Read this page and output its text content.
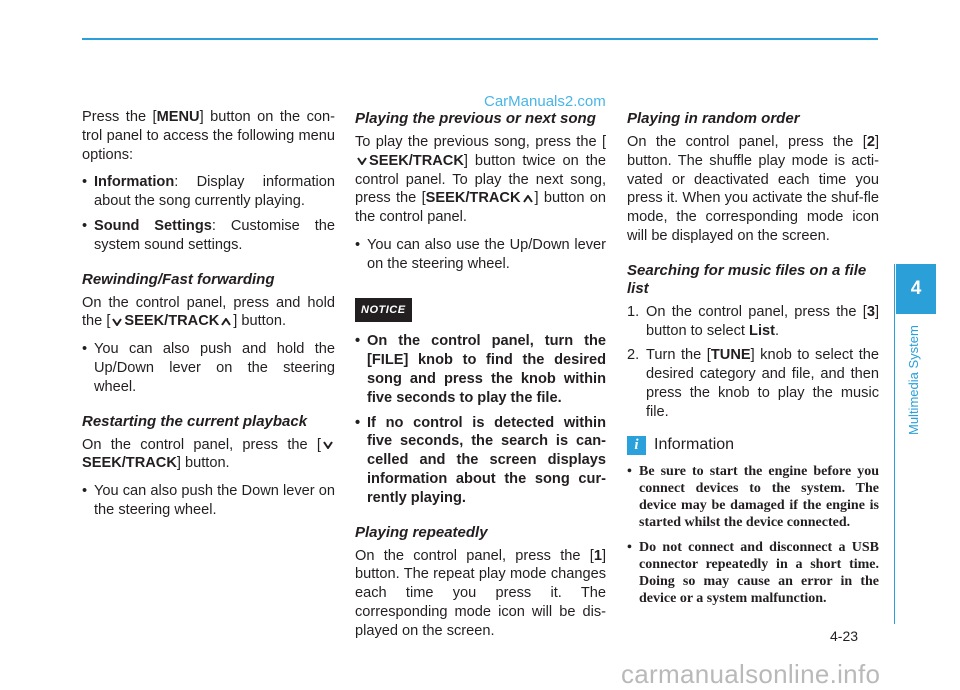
CarManuals2.com

Press the [MENU] button on the con-trol panel to access the following menu options:

• Information: Display information about the song currently playing.
• Sound Settings: Customise the system sound settings.
Rewinding/Fast forwarding

On the control panel, press and hold the [ SEEK/TRACK ] button.

• You can also push and hold the Up/Down lever on the steering wheel.
Restarting the current playback

On the control panel, press the [SEEK/TRACK] button.

• You can also push the Down lever on the steering wheel.
Playing the previous or next song

To play the previous song, press the [SEEK/TRACK] button twice on the control panel. To play the next song, press the [SEEK/TRACK ] button on the control panel.

• You can also use the Up/Down lever on the steering wheel.
NOTICE
• On the control panel, turn the [FILE] knob to find the desired song and press the knob within five seconds to play the file.
• If no control is detected within five seconds, the search is can-celled and the screen displays information about the song cur-rently playing.
Playing repeatedly

On the control panel, press the [1] button. The repeat play mode changes each time you press it. The corresponding mode icon will be dis-played on the screen.

Playing in random order

On the control panel, press the [2] button. The shuffle play mode is acti-vated or deactivated each time you press it. When you activate the shuf-fle mode, the corresponding mode icon will be displayed on the screen.

Searching for music files on a file list
1. On the control panel, press the [3] button to select List.
2. Turn the [TUNE] knob to select the desired category and file, and then press the knob to play the music file.
i Information
• Be sure to start the engine before you connect devices to the system. The device may be damaged if the engine is started whilst the device connected.
• Do not connect and disconnect a USB connector repeatedly in a short time. Doing so may cause an error in the device or a system malfunction.
4
Multimedia System
4-23
carmanualsonline.info
